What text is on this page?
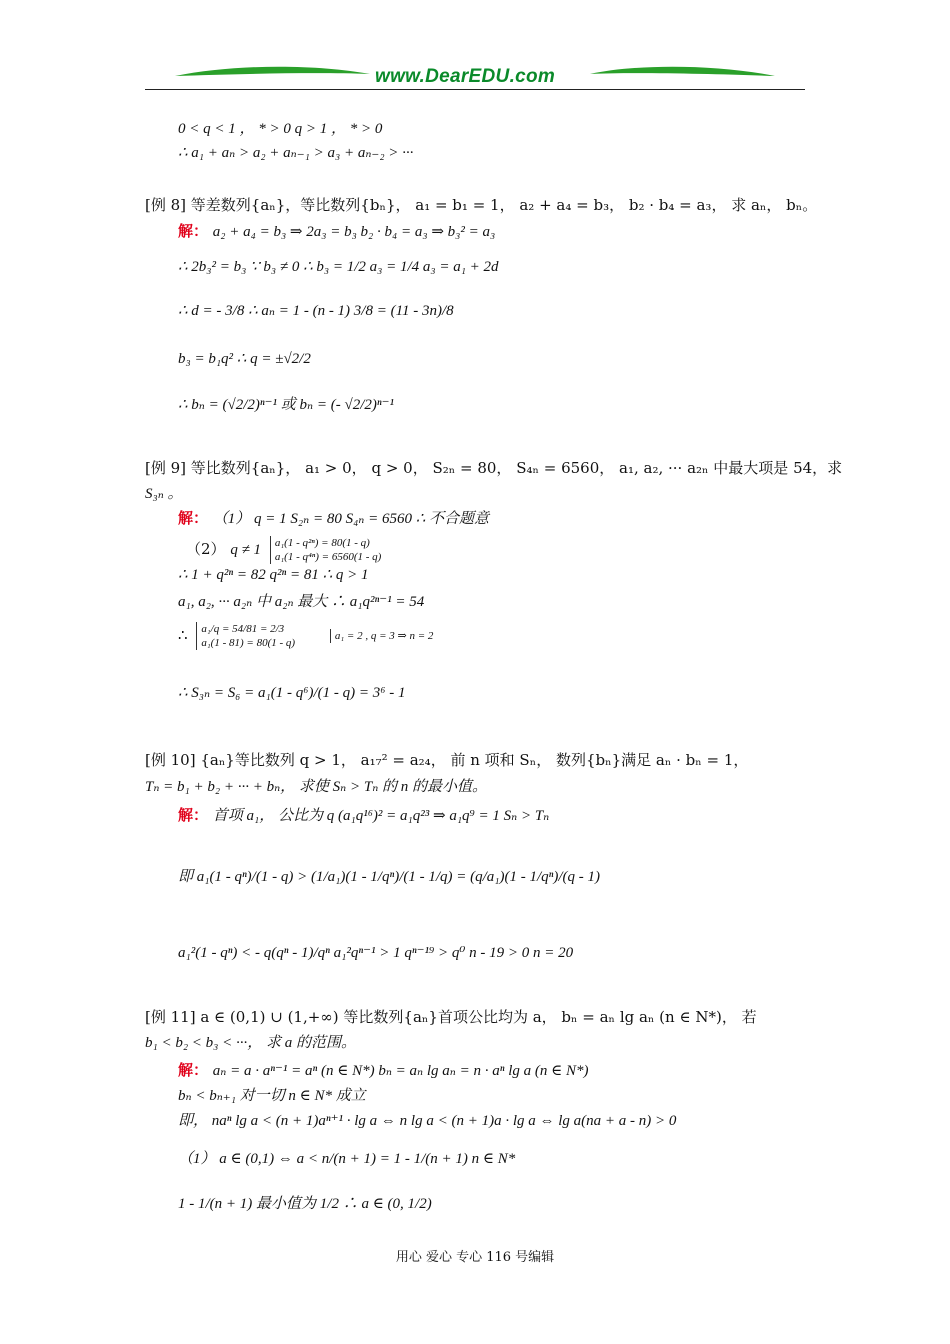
www.DearEDU.com
0 < q < 1 ， * > 0 q > 1 ， * > 0
∴ a₁ + aₙ > a₂ + aₙ₋₁ > a₃ + aₙ₋₂ > ···
[例 8] 等差数列{aₙ}，等比数列{bₙ}， a₁ = b₁ = 1， a₂ + a₄ = b₃， b₂ · b₄ = a₃， 求 aₙ， bₙ。
解： a₂ + a₄ = b₃ ⇒ 2a₃ = b₃ b₂ · b₄ = a₃ ⇒ b₃² = a₃
∴ 2b₃² = b₃ ∵ b₃ ≠ 0 ∴ b₃ = 1/2 a₃ = 1/4 a₃ = a₁ + 2d
∴ d = - 3/8 ∴ aₙ = 1 - (n - 1) 3/8 = (11 - 3n)/8
b₃ = b₁q² ∴ q = ±√2/2
∴ bₙ = (√2/2)ⁿ⁻¹ 或 bₙ = (- √2/2)ⁿ⁻¹
[例 9] 等比数列{aₙ}， a₁ > 0， q > 0， S₂ₙ = 80， S₄ₙ = 6560， a₁, a₂, ··· a₂ₙ 中最大项是 54，求
S₃ₙ 。
解： （1） q = 1 S₂ₙ = 80 S₄ₙ = 6560 ∴ 不合题意
（2） q ≠ 1 a₁(1 - q²ⁿ) = 80(1 - q)
a₁(1 - q⁴ⁿ) = 6560(1 - q)
∴ 1 + q²ⁿ = 82 q²ⁿ = 81 ∴ q > 1
a₁, a₂, ··· a₂ₙ 中 a₂ₙ 最大 ∴ a₁q²ⁿ⁻¹ = 54
∴ a₁/q = 54/81 = 2/3
a₁(1 - 81) = 80(1 - q) a₁ = 2 , q = 3 ⇒ n = 2
∴ S₃ₙ = S₆ = a₁(1 - q⁶)/(1 - q) = 3⁶ - 1
[例 10] {aₙ}等比数列 q > 1， a₁₇² = a₂₄， 前 n 项和 Sₙ， 数列{bₙ}满足 aₙ · bₙ = 1，
Tₙ = b₁ + b₂ + ··· + bₙ， 求使 Sₙ > Tₙ 的 n 的最小值。
解： 首项 a₁， 公比为 q (a₁q¹⁶)² = a₁q²³ ⇒ a₁q⁹ = 1 Sₙ > Tₙ
即 a₁(1 - qⁿ)/(1 - q) > (1/a₁)(1 - 1/qⁿ)/(1 - 1/q) = (q/a₁)(1 - 1/qⁿ)/(q - 1)
a₁²(1 - qⁿ) < - q(qⁿ - 1)/qⁿ a₁²qⁿ⁻¹ > 1 qⁿ⁻¹⁹ > q⁰ n - 19 > 0 n = 20
[例 11] a ∈ (0,1) ∪ (1,+∞) 等比数列{aₙ}首项公比均为 a， bₙ = aₙ lg aₙ (n ∈ N*)， 若
b₁ < b₂ < b₃ < ···， 求 a 的范围。
解： aₙ = a · aⁿ⁻¹ = aⁿ (n ∈ N*) bₙ = aₙ lg aₙ = n · aⁿ lg a (n ∈ N*)
bₙ < bₙ₊₁ 对一切 n ∈ N* 成立
即， naⁿ lg a < (n + 1)aⁿ⁺¹ · lg a ⇔ n lg a < (n + 1)a · lg a ⇔ lg a(na + a - n) > 0
（1） a ∈ (0,1) ⇔ a < n/(n + 1) = 1 - 1/(n + 1) n ∈ N*
1 - 1/(n + 1) 最小值为 1/2 ∴ a ∈ (0, 1/2)
用心 爱心 专心 116 号编辑
